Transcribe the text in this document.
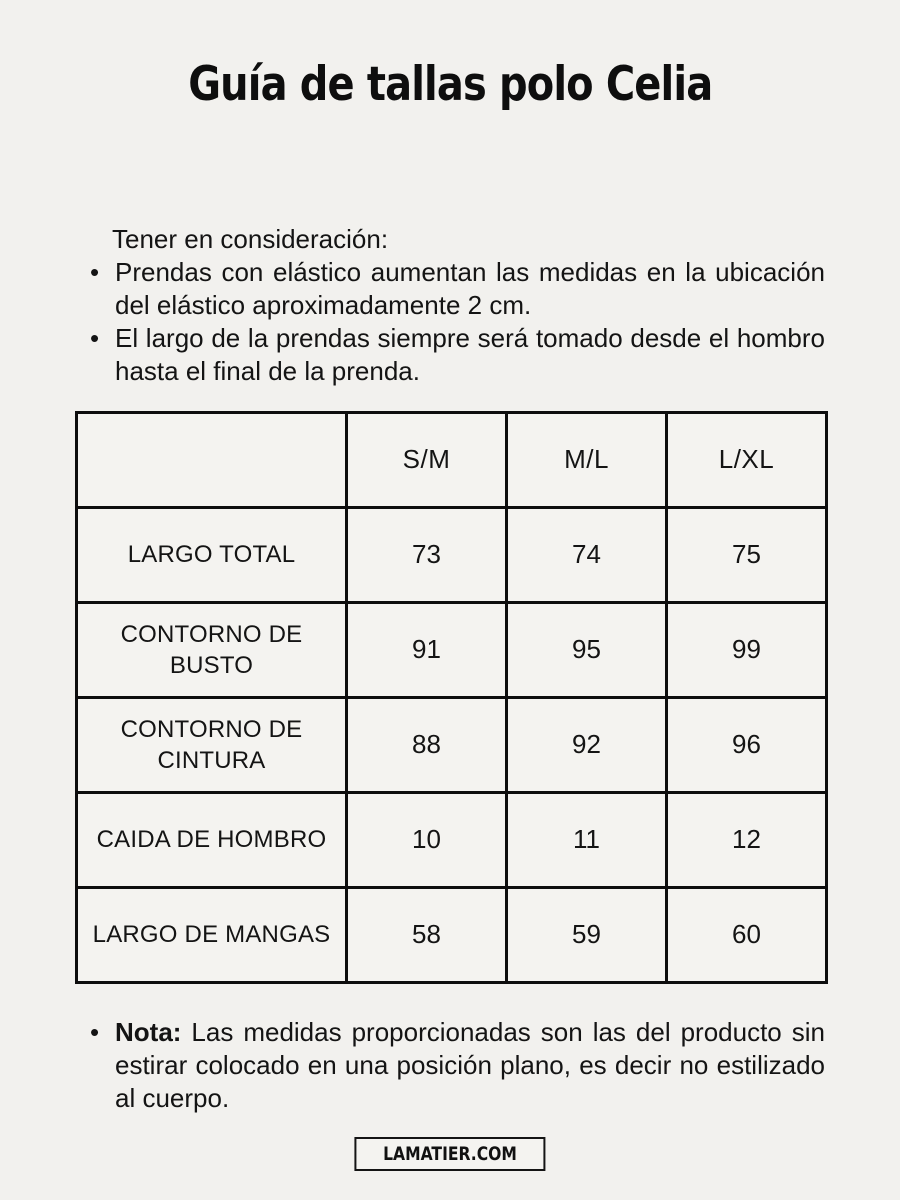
Guía de tallas polo Celia

Tener en consideración:

• Prendas con elástico aumentan las medidas en la ubicación del elástico aproximadamente 2 cm.
• El largo de la prendas siempre será tomado desde el hombro hasta el final de la prenda.
	S/M	M/L	L/XL
LARGO TOTAL	73	74	75
CONTORNO DE BUSTO	91	95	99
CONTORNO DE CINTURA	88	92	96
CAIDA DE HOMBRO	10	11	12
LARGO DE MANGAS	58	59	60
• Nota: Las medidas proporcionadas son las del producto sin estirar colocado en una posición plano, es decir no estilizado al cuerpo.
LAMATIER.COM
